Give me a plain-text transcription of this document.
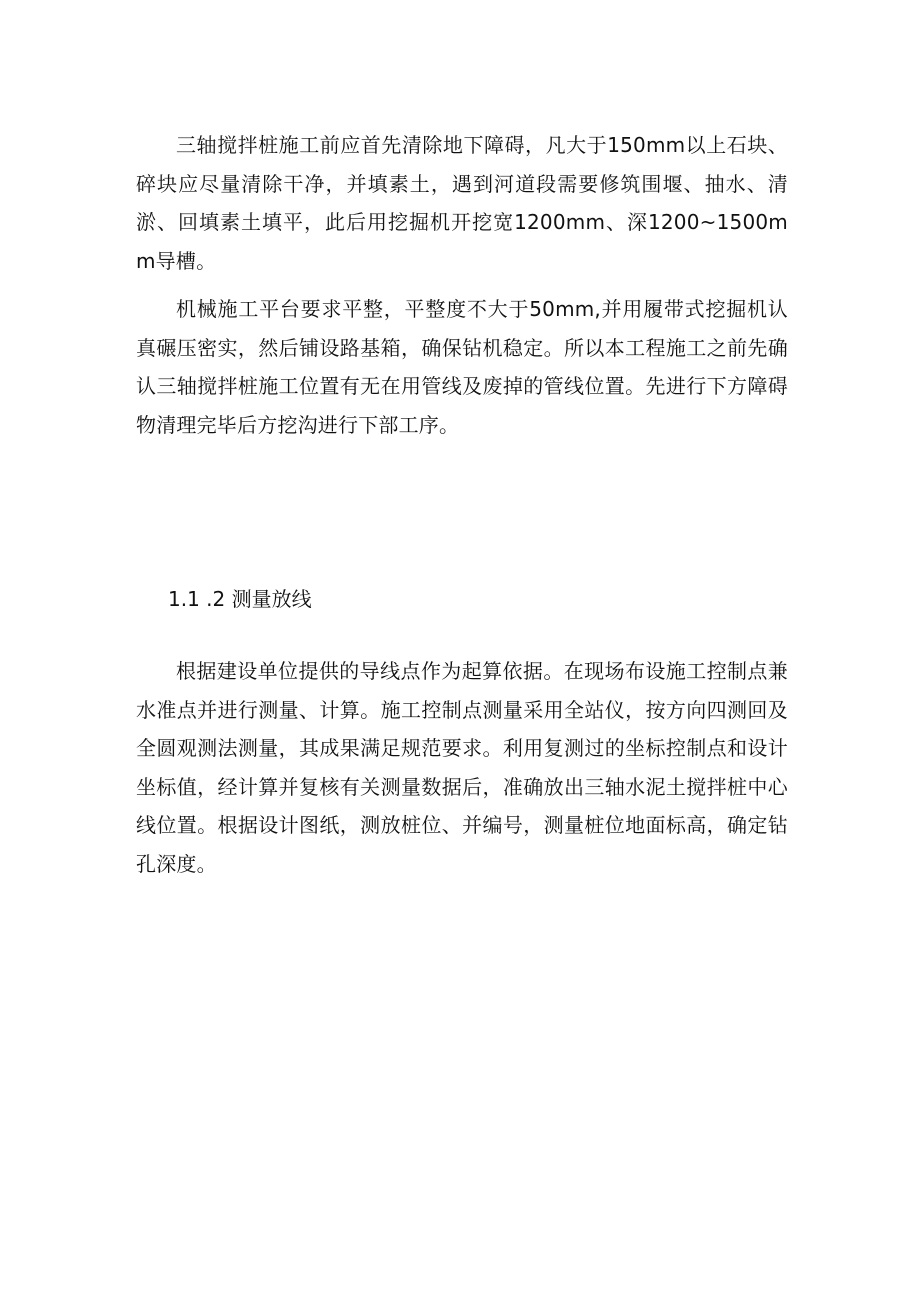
三轴搅拌桩施工前应首先清除地下障碍，凡大于150mm以上石块、碎块应尽量清除干净，并填素土，遇到河道段需要修筑围堰、抽水、清淤、回填素土填平，此后用挖掘机开挖宽1200mm、深1200~1500mm导槽。

机械施工平台要求平整，平整度不大于50mm,并用履带式挖掘机认真碾压密实，然后铺设路基箱，确保钻机稳定。所以本工程施工之前先确认三轴搅拌桩施工位置有无在用管线及废掉的管线位置。先进行下方障碍物清理完毕后方挖沟进行下部工序。

1.1 .2 测量放线

根据建设单位提供的导线点作为起算依据。在现场布设施工控制点兼水准点并进行测量、计算。施工控制点测量采用全站仪，按方向四测回及全圆观测法测量，其成果满足规范要求。利用复测过的坐标控制点和设计坐标值，经计算并复核有关测量数据后，准确放出三轴水泥土搅拌桩中心线位置。根据设计图纸，测放桩位、并编号，测量桩位地面标高，确定钻孔深度。
